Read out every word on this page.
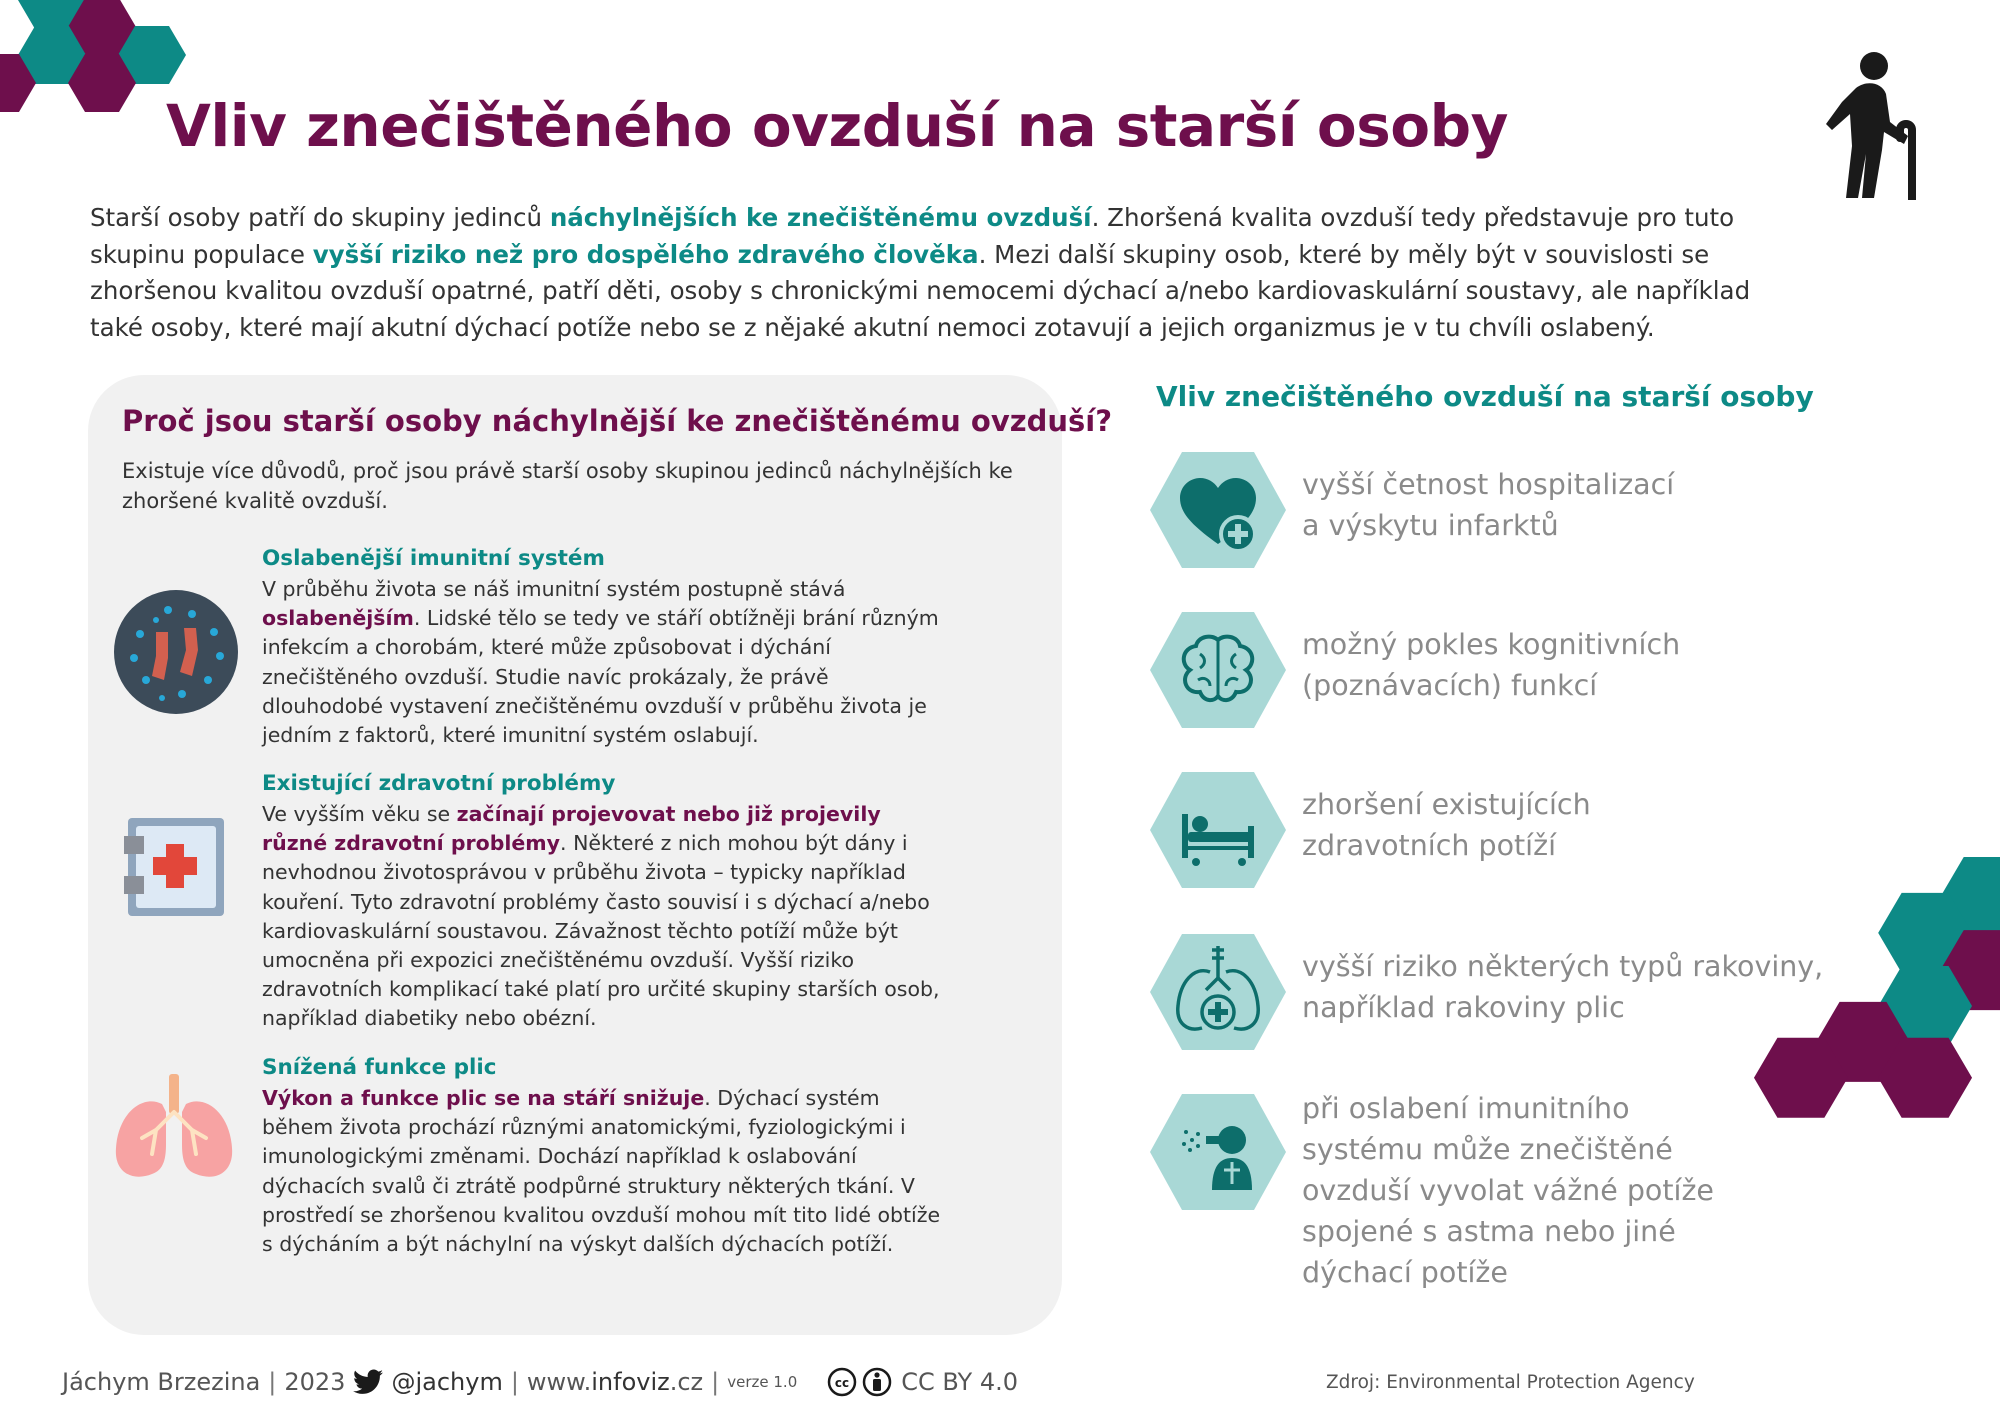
Vliv znečištěného ovzduší na starší osoby

Starší osoby patří do skupiny jedinců náchylnějších ke znečištěnému ovzduší. Zhoršená kvalita ovzduší tedy představuje pro tuto skupinu populace vyšší riziko než pro dospělého zdravého člověka. Mezi další skupiny osob, které by měly být v souvislosti se zhoršenou kvalitou ovzduší opatrné, patří děti, osoby s chronickými nemocemi dýchací a/nebo kardiovaskulární soustavy, ale například také osoby, které mají akutní dýchací potíže nebo se z nějaké akutní nemoci zotavují a jejich organizmus je v tu chvíli oslabený.

Proč jsou starší osoby náchylnější ke znečištěnému ovzduší?

Existuje více důvodů, proč jsou právě starší osoby skupinou jedinců náchylnějších ke zhoršené kvalitě ovzduší.

Oslabenější imunitní systém

V průběhu života se náš imunitní systém postupně stává oslabenějším. Lidské tělo se tedy ve stáří obtížněji brání různým infekcím a chorobám, které může způsobovat i dýchání znečištěného ovzduší. Studie navíc prokázaly, že právě dlouhodobé vystavení znečištěnému ovzduší v průběhu života je jedním z faktorů, které imunitní systém oslabují.

Existující zdravotní problémy

Ve vyšším věku se začínají projevovat nebo již projevily různé zdravotní problémy. Některé z nich mohou být dány i nevhodnou životosprávou v průběhu života – typicky například kouření. Tyto zdravotní problémy často souvisí i s dýchací a/nebo kardiovaskulární soustavou. Závažnost těchto potíží může být umocněna při expozici znečištěnému ovzduší. Vyšší riziko zdravotních komplikací také platí pro určité skupiny starších osob, například diabetiky nebo obézní.

Snížená funkce plic

Výkon a funkce plic se na stáří snižuje. Dýchací systém během života prochází různými anatomickými, fyziologickými i imunologickými změnami. Dochází například k oslabování dýchacích svalů či ztrátě podpůrné struktury některých tkání. V prostředí se zhoršenou kvalitou ovzduší mohou mít tito lidé obtíže s dýcháním a být náchylní na výskyt dalších dýchacích potíží.

Vliv znečištěného ovzduší na starší osoby

vyšší četnost hospitalizací
a výskytu infarktů

možný pokles kognitivních
(poznávacích) funkcí

zhoršení existujících
zdravotních potíží

vyšší riziko některých typů rakoviny,
například rakoviny plic

při oslabení imunitního
systému může znečištěné
ovzduší vyvolat vážné potíže
spojené s astma nebo jiné
dýchací potíže

Jáchym Brzezina | 2023 @jachym | www.infoviz.cz | verze 1.0	cc CC BY 4.0	Zdroj: Environmental Protection Agency
